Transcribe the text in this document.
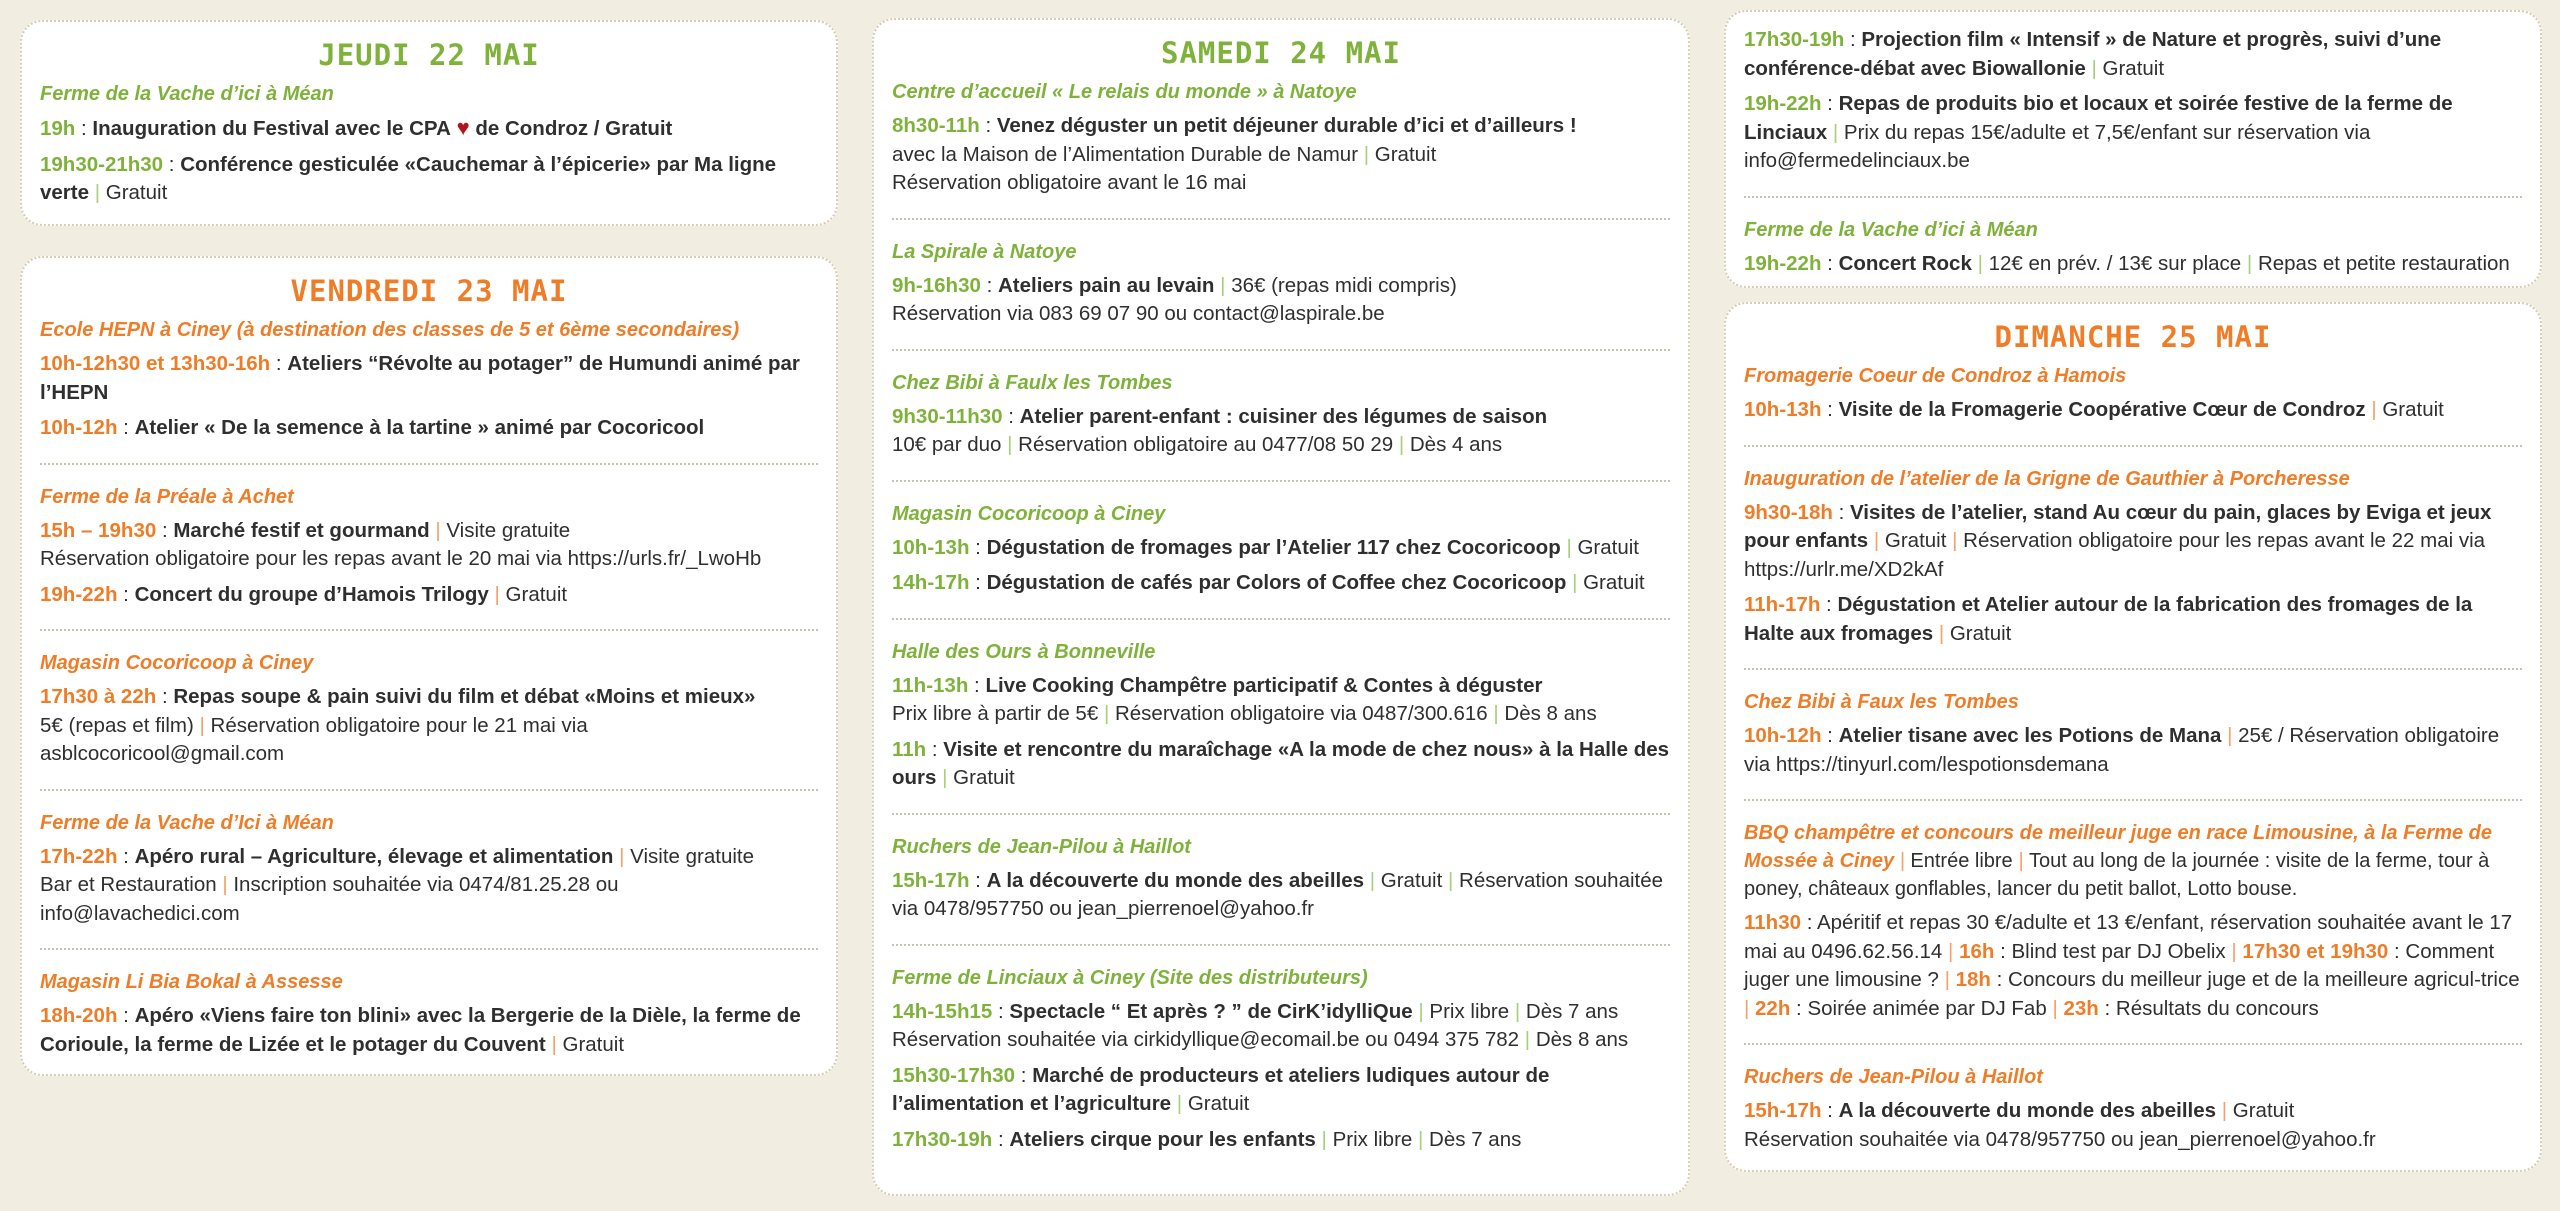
JEUDI 22 MAI
Ferme de la Vache d’ici à Méan
19h : Inauguration du Festival avec le CPA ♥ de Condroz / Gratuit
19h30-21h30 : Conférence gesticulée «Cauchemar à l’épicerie» par Ma ligne verte | Gratuit
VENDREDI 23 MAI
Ecole HEPN à Ciney (à destination des classes de 5 et 6ème secondaires)
10h-12h30 et 13h30-16h : Ateliers “Révolte au potager” de Humundi animé par l’HEPN
10h-12h : Atelier « De la semence à la tartine » animé par Cocoricool
Ferme de la Préale à Achet
15h – 19h30 : Marché festif et gourmand | Visite gratuite
Réservation obligatoire pour les repas avant le 20 mai via https://urls.fr/_LwoHb
19h-22h : Concert du groupe d’Hamois Trilogy | Gratuit
Magasin Cocoricoop à Ciney
17h30 à 22h : Repas soupe & pain suivi du film et débat «Moins et mieux»
5€ (repas et film) | Réservation obligatoire pour le 21 mai via asblcocoricool@gmail.com
Ferme de la Vache d’Ici à Méan
17h-22h : Apéro rural – Agriculture, élevage et alimentation | Visite gratuite
Bar et Restauration | Inscription souhaitée via 0474/81.25.28 ou info@lavachedici.com
Magasin Li Bia Bokal à Assesse
18h-20h : Apéro «Viens faire ton blini» avec la Bergerie de la Dièle, la ferme de Corioule, la ferme de Lizée et le potager du Couvent | Gratuit
SAMEDI 24 MAI
Centre d’accueil « Le relais du monde » à Natoye
8h30-11h : Venez déguster un petit déjeuner durable d’ici et d’ailleurs !
avec la Maison de l’Alimentation Durable de Namur | Gratuit
Réservation obligatoire avant le 16 mai
La Spirale à Natoye
9h-16h30 : Ateliers pain au levain | 36€ (repas midi compris)
Réservation via 083 69 07 90 ou contact@laspirale.be
Chez Bibi à Faulx les Tombes
9h30-11h30 : Atelier parent-enfant : cuisiner des légumes de saison
10€ par duo | Réservation obligatoire au 0477/08 50 29 | Dès 4 ans
Magasin Cocoricoop à Ciney
10h-13h : Dégustation de fromages par l’Atelier 117 chez Cocoricoop | Gratuit
14h-17h : Dégustation de cafés par Colors of Coffee chez Cocoricoop | Gratuit
Halle des Ours à Bonneville
11h-13h : Live Cooking Champêtre participatif & Contes à déguster
Prix libre à partir de 5€ | Réservation obligatoire via 0487/300.616 | Dès 8 ans
11h : Visite et rencontre du maraîchage «A la mode de chez nous» à la Halle des ours | Gratuit
Ruchers de Jean-Pilou à Haillot
15h-17h : A la découverte du monde des abeilles | Gratuit | Réservation souhaitée via 0478/957750 ou jean_pierrenoel@yahoo.fr
Ferme de Linciaux à Ciney (Site des distributeurs)
14h-15h15 : Spectacle “ Et après ? ” de CirK’idylliQue | Prix libre | Dès 7 ans
Réservation souhaitée via cirkidyllique@ecomail.be ou 0494 375 782 | Dès 8 ans
15h30-17h30 : Marché de producteurs et ateliers ludiques autour de l’alimentation et l’agriculture | Gratuit
17h30-19h : Ateliers cirque pour les enfants | Prix libre | Dès 7 ans
17h30-19h : Projection film « Intensif » de Nature et progrès, suivi d’une conférence-débat avec Biowallonie | Gratuit
19h-22h : Repas de produits bio et locaux et soirée festive de la ferme de Linciaux | Prix du repas 15€/adulte et 7,5€/enfant sur réservation via info@fermedelinciaux.be
Ferme de la Vache d’ici à Méan
19h-22h : Concert Rock | 12€ en prév. / 13€ sur place | Repas et petite restauration
DIMANCHE 25 MAI
Fromagerie Coeur de Condroz à Hamois
10h-13h : Visite de la Fromagerie Coopérative Cœur de Condroz | Gratuit
Inauguration de l’atelier de la Grigne de Gauthier à Porcheresse
9h30-18h : Visites de l’atelier, stand Au cœur du pain, glaces by Eviga et jeux pour enfants | Gratuit | Réservation obligatoire pour les repas avant le 22 mai via https://urlr.me/XD2kAf
11h-17h : Dégustation et Atelier autour de la fabrication des fromages de la Halte aux fromages | Gratuit
Chez Bibi à Faux les Tombes
10h-12h : Atelier tisane avec les Potions de Mana | 25€ / Réservation obligatoire via https://tinyurl.com/lespotionsdemana
BBQ champêtre et concours de meilleur juge en race Limousine, à la Ferme de Mossée à Ciney | Entrée libre | Tout au long de la journée : visite de la ferme, tour à poney, châteaux gonflables, lancer du petit ballot, Lotto bouse.
11h30 : Apéritif et repas 30 €/adulte et 13 €/enfant, réservation souhaitée avant le 17 mai au 0496.62.56.14 | 16h : Blind test par DJ Obelix | 17h30 et 19h30 : Comment juger une limousine ? | 18h : Concours du meilleur juge et de la meilleure agricul-trice | 22h : Soirée animée par DJ Fab | 23h : Résultats du concours
Ruchers de Jean-Pilou à Haillot
15h-17h : A la découverte du monde des abeilles | Gratuit
Réservation souhaitée via 0478/957750 ou jean_pierrenoel@yahoo.fr
